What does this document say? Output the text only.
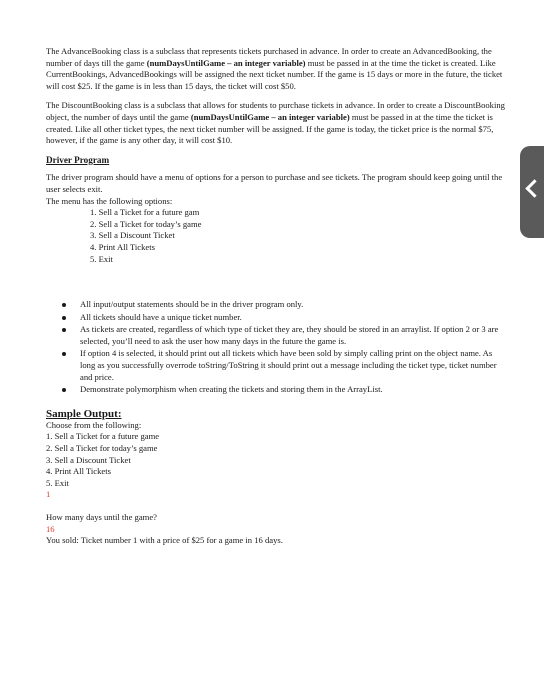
The AdvanceBooking class is a subclass that represents tickets purchased in advance. In order to create an AdvancedBooking, the number of days till the game (numDaysUntilGame – an integer variable) must be passed in at the time the ticket is created. Like CurrentBookings, AdvancedBookings will be assigned the next ticket number. If the game is 15 days or more in the future, the ticket will cost $25. If the game is in less than 15 days, the ticket will cost $50.

The DiscountBooking class is a subclass that allows for students to purchase tickets in advance. In order to create a DiscountBooking object, the number of days until the game (numDaysUntilGame – an integer variable) must be passed in at the time the ticket is created. Like all other ticket types, the next ticket number will be assigned. If the game is today, the ticket price is the normal $75, however, if the game is any other day, it will cost $10.

Driver Program

The driver program should have a menu of options for a person to purchase and see tickets. The program should keep going until the user selects exit.

The menu has the following options:

1. Sell a Ticket for a future gam
2. Sell a Ticket for today’s game
3. Sell a Discount Ticket
4. Print All Tickets
5. Exit
All input/output statements should be in the driver program only.
All tickets should have a unique ticket number.
As tickets are created, regardless of which type of ticket they are, they should be stored in an arraylist. If option 2 or 3 are selected, you’ll need to ask the user how many days in the future the game is.
If option 4 is selected, it should print out all tickets which have been sold by simply calling print on the object name. As long as you successfully overrode toString/ToString it should print out a message including the ticket type, ticket number and price.
Demonstrate polymorphism when creating the tickets and storing them in the ArrayList.
Sample Output:
Choose from the following:
1. Sell a Ticket for a future game
2. Sell a Ticket for today’s game
3. Sell a Discount Ticket
4. Print All Tickets
5. Exit
1
How many days until the game?
16
You sold: Ticket number 1 with a price of $25 for a game in 16 days.
